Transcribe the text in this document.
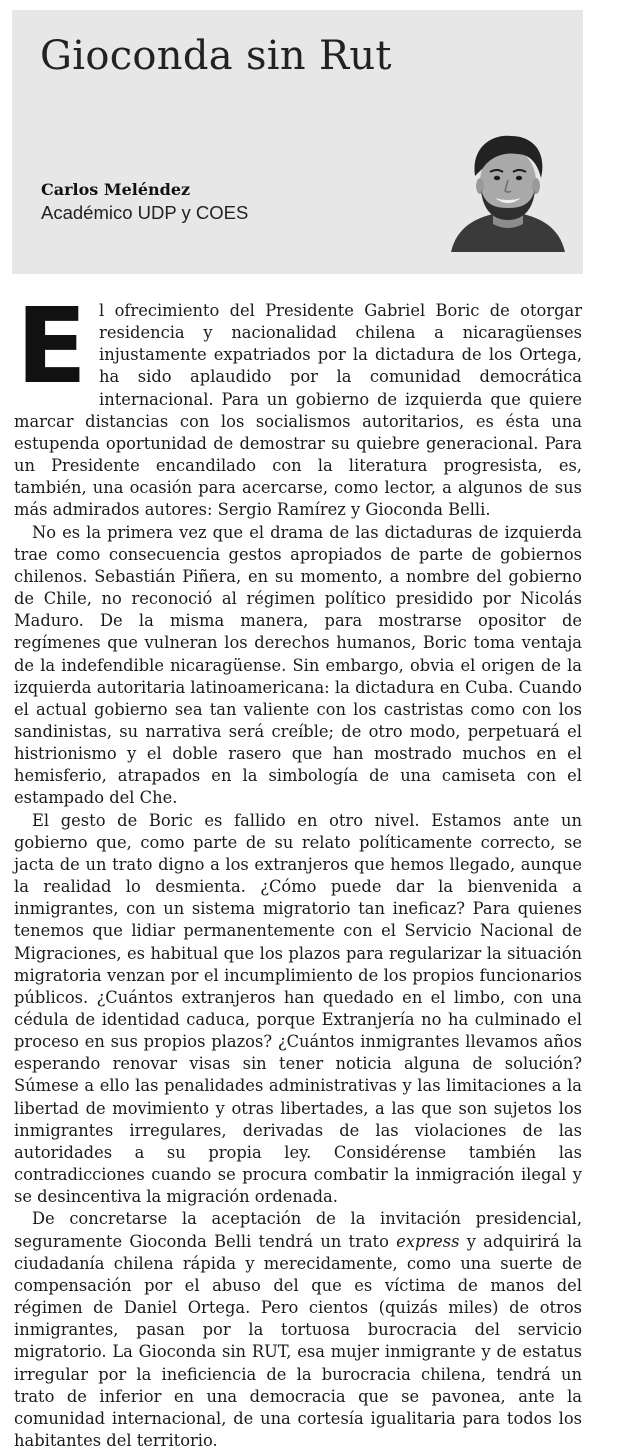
Gioconda sin Rut
Carlos Meléndez
Académico UDP y COES

El ofrecimiento del Presidente Gabriel Boric de otorgar residencia y nacionalidad chilena a nicaragüenses injustamente expatriados por la dictadura de los Ortega, ha sido aplaudido por la comunidad democrática internacional. Para un gobierno de izquierda que quiere marcar distancias con los socialismos autoritarios, es ésta una estupenda oportunidad de demostrar su quiebre generacional. Para un Presidente encandilado con la literatura progresista, es, también, una ocasión para acercarse, como lector, a algunos de sus más admirados autores: Sergio Ramírez y Gioconda Belli.

No es la primera vez que el drama de las dictaduras de izquierda trae como consecuencia gestos apropiados de parte de gobiernos chilenos. Sebastián Piñera, en su momento, a nombre del gobierno de Chile, no reconoció al régimen político presidido por Nicolás Maduro. De la misma manera, para mostrarse opositor de regímenes que vulneran los derechos humanos, Boric toma ventaja de la indefendible nicaragüense. Sin embargo, obvia el origen de la izquierda autoritaria latinoamericana: la dictadura en Cuba. Cuando el actual gobierno sea tan valiente con los castristas como con los sandinistas, su narrativa será creíble; de otro modo, perpetuará el histrionismo y el doble rasero que han mostrado muchos en el hemisferio, atrapados en la simbología de una camiseta con el estampado del Che.

El gesto de Boric es fallido en otro nivel. Estamos ante un gobierno que, como parte de su relato políticamente correcto, se jacta de un trato digno a los extranjeros que hemos llegado, aunque la realidad lo desmienta. ¿Cómo puede dar la bienvenida a inmigrantes, con un sistema migratorio tan ineficaz? Para quienes tenemos que lidiar permanentemente con el Servicio Nacional de Migraciones, es habitual que los plazos para regularizar la situación migratoria venzan por el incumplimiento de los propios funcionarios públicos. ¿Cuántos extranjeros han quedado en el limbo, con una cédula de identidad caduca, porque Extranjería no ha culminado el proceso en sus propios plazos? ¿Cuántos inmigrantes llevamos años esperando renovar visas sin tener noticia alguna de solución? Súmese a ello las penalidades administrativas y las limitaciones a la libertad de movimiento y otras libertades, a las que son sujetos los inmigrantes irregulares, derivadas de las violaciones de las autoridades a su propia ley. Considérense también las contradicciones cuando se procura combatir la inmigración ilegal y se desincentiva la migración ordenada.

De concretarse la aceptación de la invitación presidencial, seguramente Gioconda Belli tendrá un trato express y adquirirá la ciudadanía chilena rápida y merecidamente, como una suerte de compensación por el abuso del que es víctima de manos del régimen de Daniel Ortega. Pero cientos (quizás miles) de otros inmigrantes, pasan por la tortuosa burocracia del servicio migratorio. La Gioconda sin RUT, esa mujer inmigrante y de estatus irregular por la ineficiencia de la burocracia chilena, tendrá un trato de inferior en una democracia que se pavonea, ante la comunidad internacional, de una cortesía igualitaria para todos los habitantes del territorio.
